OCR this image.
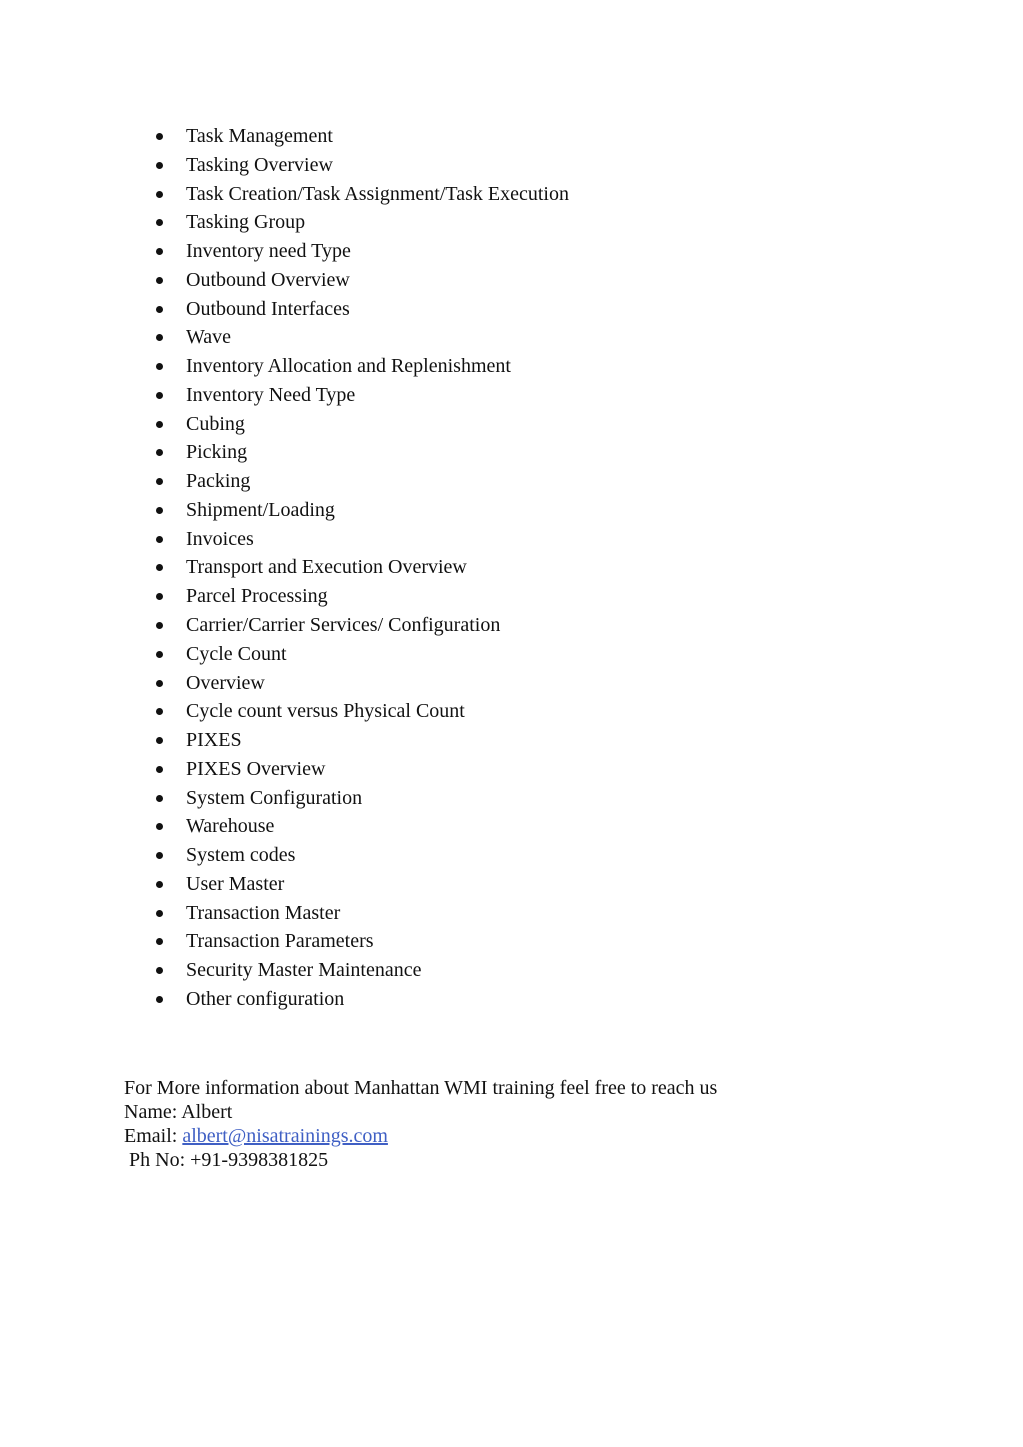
Task Management
Tasking Overview
Task Creation/Task Assignment/Task Execution
Tasking Group
Inventory need Type
Outbound Overview
Outbound Interfaces
Wave
Inventory Allocation and Replenishment
Inventory Need Type
Cubing
Picking
Packing
Shipment/Loading
Invoices
Transport and Execution Overview
Parcel Processing
Carrier/Carrier Services/ Configuration
Cycle Count
Overview
Cycle count versus Physical Count
PIXES
PIXES Overview
System Configuration
Warehouse
System codes
User Master
Transaction Master
Transaction Parameters
Security Master Maintenance
Other configuration
For More information about Manhattan WMI training feel free to reach us
Name: Albert
Email: albert@nisatrainings.com
Ph No: +91-9398381825
